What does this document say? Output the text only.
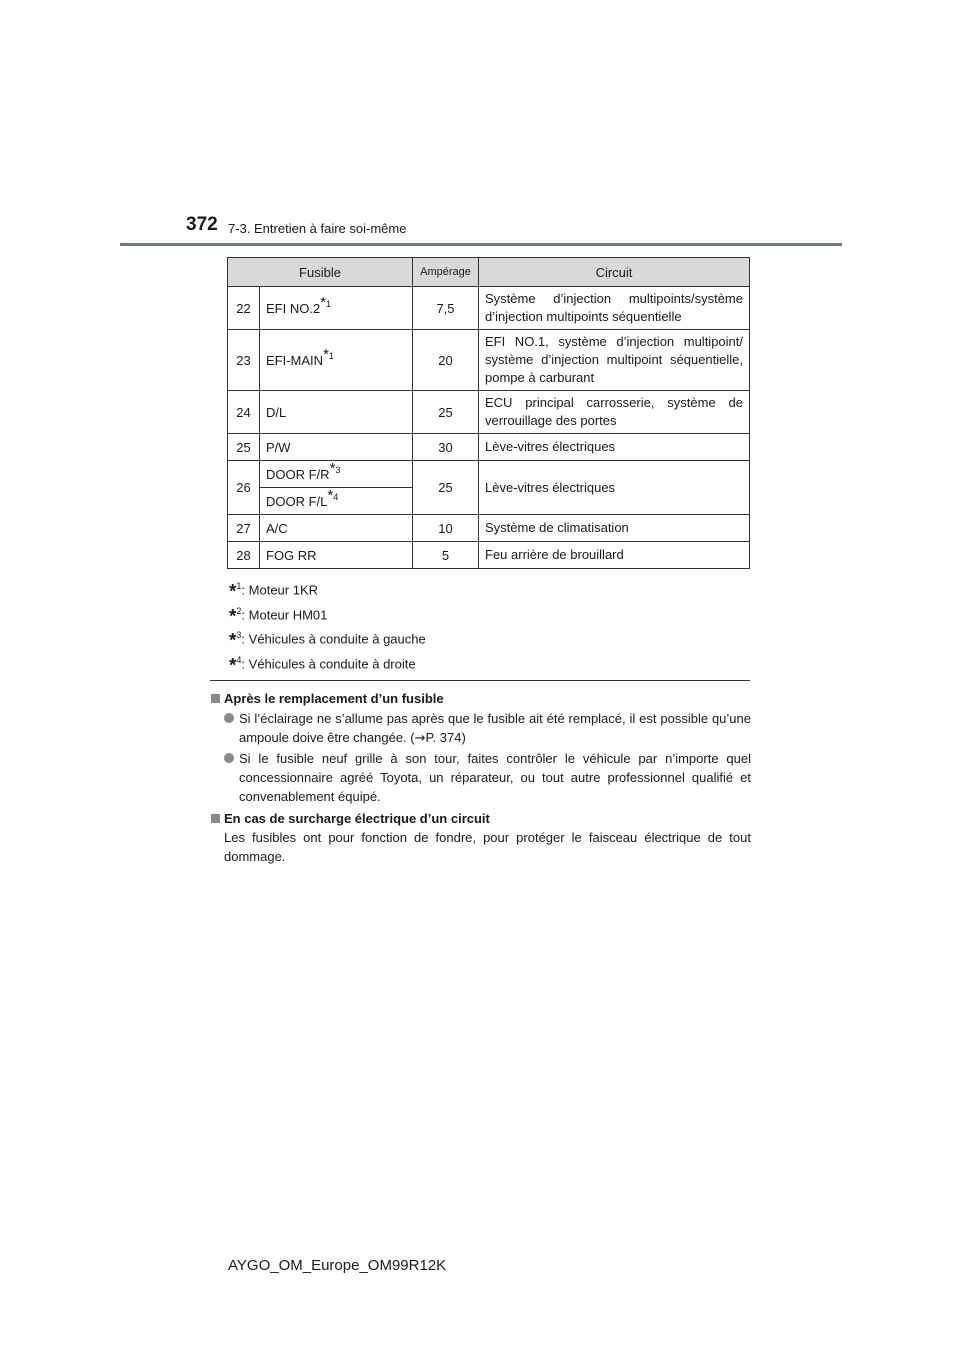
372 7-3. Entretien à faire soi-même
Fusible		Ampérage	Circuit
22	EFI NO.2$^{*1}$	7,5	Système d’injection multipoints/système d’injection multipoints séquentielle
23	EFI-MAIN$^{*1}$	20	EFI NO.1, système d’injection multipoint/ système d’injection multipoint séquentielle, pompe à carburant
24	D/L	25	ECU principal carrosserie, système de verrouillage des portes
25	P/W	30	Lève-vitres électriques
26	DOOR $F/R^{*3}$	25	Lève-vitres électriques
	DOOR $F/L^{*4}$
27	A/C	10	Système de climatisation
28	FOG RR	5	Feu arrière de brouillard
*$^1$: Moteur 1KR
*$^2$: Moteur HM01
*$^3$: Véhicules à conduite à gauche
*$^4$: Véhicules à conduite à droite
Après le remplacement d’un fusible
Si l’éclairage ne s’allume pas après que le fusible ait été remplacé, il est possible qu’une ampoule doive être changée. (→P. 374)
Si le fusible neuf grille à son tour, faites contrôler le véhicule par n’importe quel concessionnaire agréé Toyota, un réparateur, ou tout autre professionnel qualifié et convenablement équipé.
En cas de surcharge électrique d’un circuit
Les fusibles ont pour fonction de fondre, pour protéger le faisceau électrique de tout dommage.
AYGO_OM_Europe_OM99R12K
